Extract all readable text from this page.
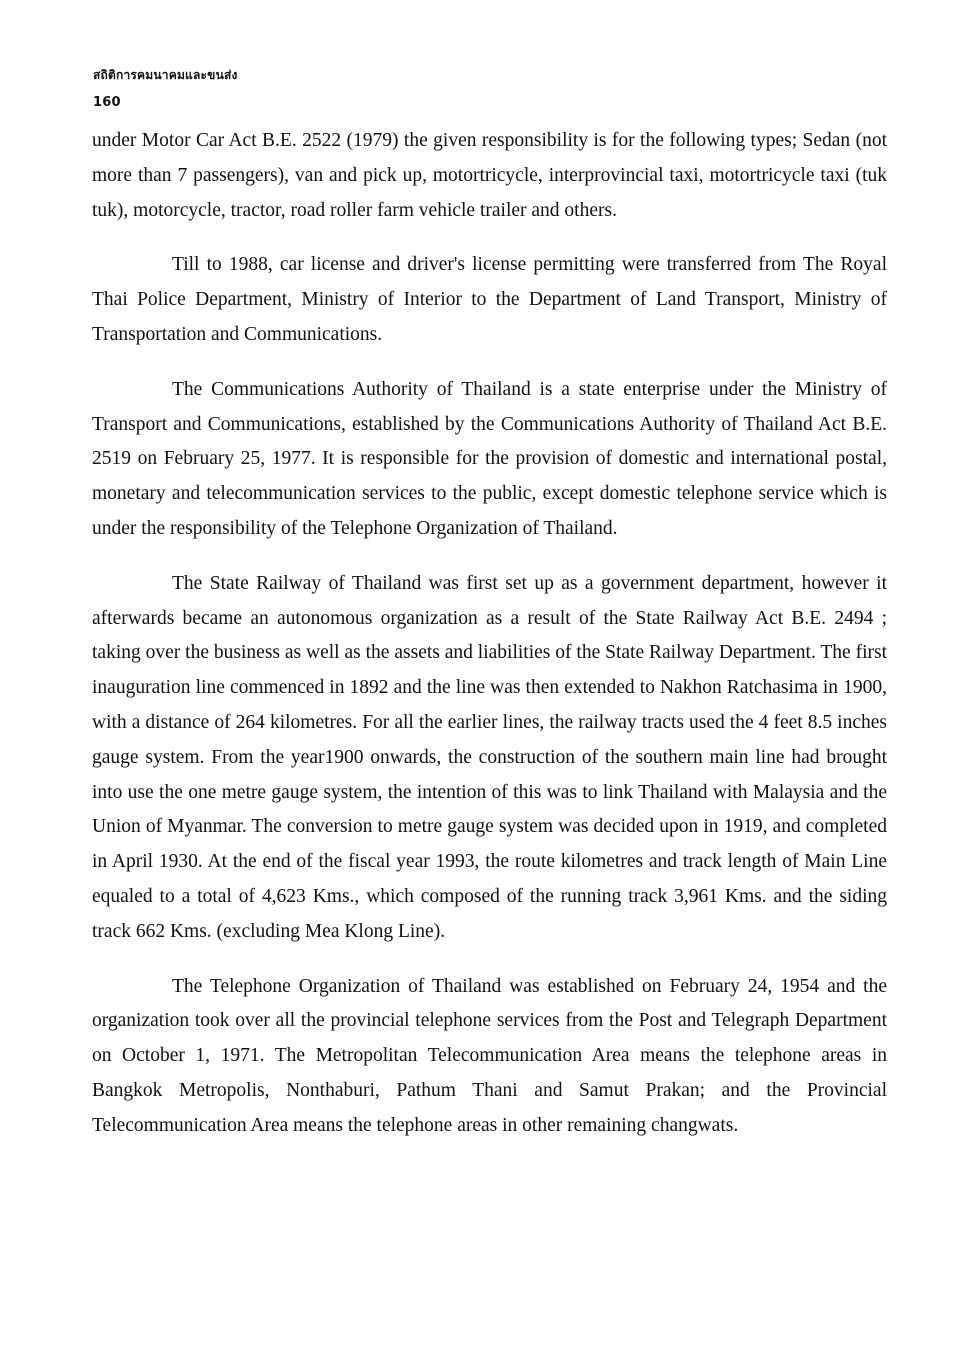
สถิติการคมนาคมและขนส่ง
160

under Motor Car Act B.E. 2522 (1979) the given responsibility is for the following types; Sedan (not more than 7 passengers), van and pick up, motortricycle, interprovincial taxi, motortricycle taxi (tuk tuk), motorcycle, tractor, road roller farm vehicle trailer and others.

Till to 1988, car license and driver's license permitting were transferred from The Royal Thai Police Department, Ministry of Interior to the Department of Land Transport, Ministry of Transportation and Communications.

The Communications Authority of Thailand is a state enterprise under the Ministry of Transport and Communications, established by the Communications Authority of Thailand Act B.E. 2519 on February 25, 1977. It is responsible for the provision of domestic and international postal, monetary and telecommunication services to the public, except domestic telephone service which is under the responsibility of the Telephone Organization of Thailand.

The State Railway of Thailand was first set up as a government department, however it afterwards became an autonomous organization as a result of the State Railway Act B.E. 2494 ; taking over the business as well as the assets and liabilities of the State Railway Department. The first inauguration line commenced in 1892 and the line was then extended to Nakhon Ratchasima in 1900, with a distance of 264 kilometres. For all the earlier lines, the railway tracts used the 4 feet 8.5 inches gauge system. From the year1900 onwards, the construction of the southern main line had brought into use the one metre gauge system, the intention of this was to link Thailand with Malaysia and the Union of Myanmar. The conversion to metre gauge system was decided upon in 1919, and completed in April 1930. At the end of the fiscal year 1993, the route kilometres and track length of Main Line equaled to a total of 4,623 Kms., which composed of the running track 3,961 Kms. and the siding track 662 Kms. (excluding Mea Klong Line).

The Telephone Organization of Thailand was established on February 24, 1954 and the organization took over all the provincial telephone services from the Post and Telegraph Department on October 1, 1971. The Metropolitan Telecommunication Area means the telephone areas in Bangkok Metropolis, Nonthaburi, Pathum Thani and Samut Prakan; and the Provincial Telecommunication Area means the telephone areas in other remaining changwats.
